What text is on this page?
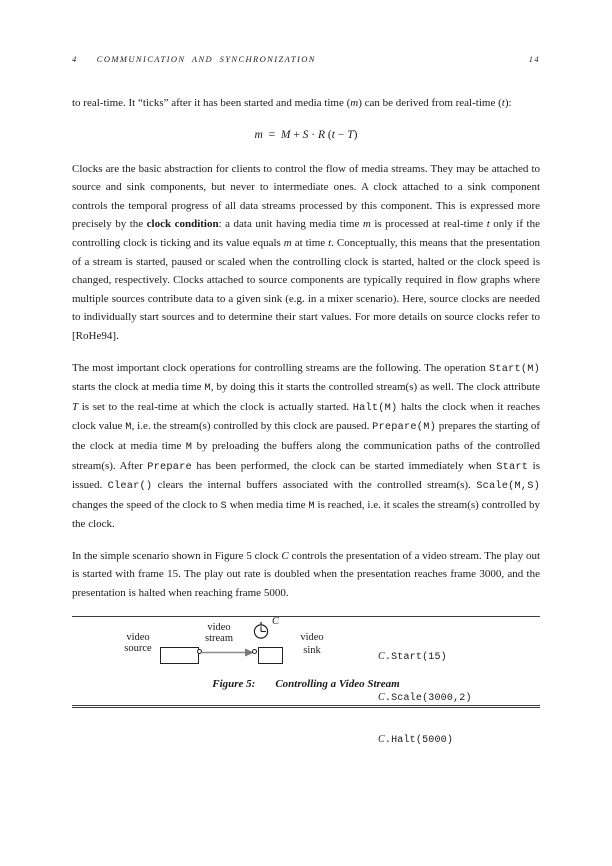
4 COMMUNICATION AND SYNCHRONIZATION	14

to real-time. It “ticks” after it has been started and media time (m) can be derived from real-time (t):

m = M + S · R (t − T)

Clocks are the basic abstraction for clients to control the flow of media streams. They may be attached to source and sink components, but never to intermediate ones. A clock attached to a sink component controls the temporal progress of all data streams processed by this component. This is expressed more precisely by the clock condition: a data unit having media time m is processed at real-time t only if the controlling clock is ticking and its value equals m at time t. Conceptually, this means that the presentation of a stream is started, paused or scaled when the controlling clock is started, halted or the clock speed is changed, respectively. Clocks attached to source components are typically required in flow graphs where multiple sources contribute data to a given sink (e.g. in a mixer scenario). Here, source clocks are needed to individually start sources and to determine their start values. For more details on source clocks refer to [RoHe94].

The most important clock operations for controlling streams are the following. The operation Start(M) starts the clock at media time M, by doing this it starts the controlled stream(s) as well. The clock attribute T is set to the real-time at which the clock is actually started. Halt(M) halts the clock when it reaches clock value M, i.e. the stream(s) controlled by this clock are paused. Prepare(M) prepares the starting of the clock at media time M by preloading the buffers along the communication paths of the controlled stream(s). After Prepare has been performed, the clock can be started immediately when Start is issued. Clear() clears the internal buffers associated with the controlled stream(s). Scale(M,S) changes the speed of the clock to S when media time M is reached, i.e. it scales the stream(s) controlled by the clock.

In the simple scenario shown in Figure 5 clock C controls the presentation of a video stream. The play out is started with frame 15. The play out rate is doubled when the presentation reaches frame 3000, and the presentation is halted when reaching frame 5000.

video
source
video
stream
C
video
sink

	C.Start(15)

C.Scale(3000,2)

C.Halt(5000)

Figure 5: Controlling a Video Stream
